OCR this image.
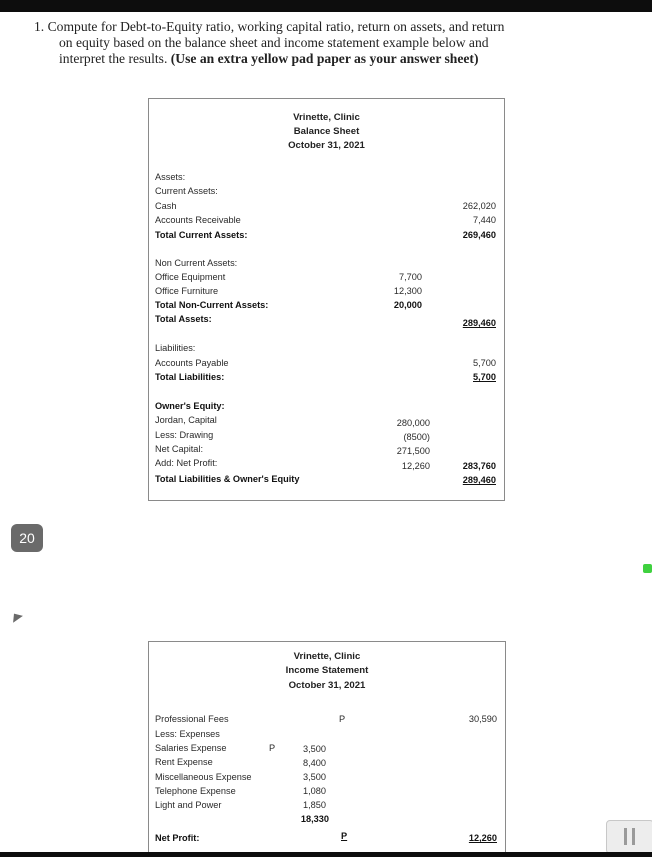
1. Compute for Debt-to-Equity ratio, working capital ratio, return on assets, and return
on equity based on the balance sheet and income statement example below and
interpret the results. (Use an extra yellow pad paper as your answer sheet)
Vrinette, Clinic
Balance Sheet
October 31, 2021
Assets:
Current Assets:
Cash	262,020
Accounts Receivable	7,440
Total Current Assets:	269,460
Non Current Assets:
Office Equipment	7,700
Office Furniture	12,300
Total Non-Current Assets:	20,000
Total Assets:	289,460
Liabilities:
Accounts Payable	5,700
Total Liabilities:	5,700
Owner's Equity:
Jordan, Capital	280,000
Less: Drawing	(8500)
Net Capital:	271,500
Add: Net Profit:	12,260	283,760
Total Liabilities & Owner's Equity	289,460
Vrinette, Clinic
Income Statement
October 31, 2021
Professional Fees	P	30,590
Less: Expenses
Salaries Expense	P	3,500
Rent Expense	8,400
Miscellaneous Expense	3,500
Telephone Expense	1,080
Light and Power	1,850
18,330
Net Profit:	P	12,260
20
